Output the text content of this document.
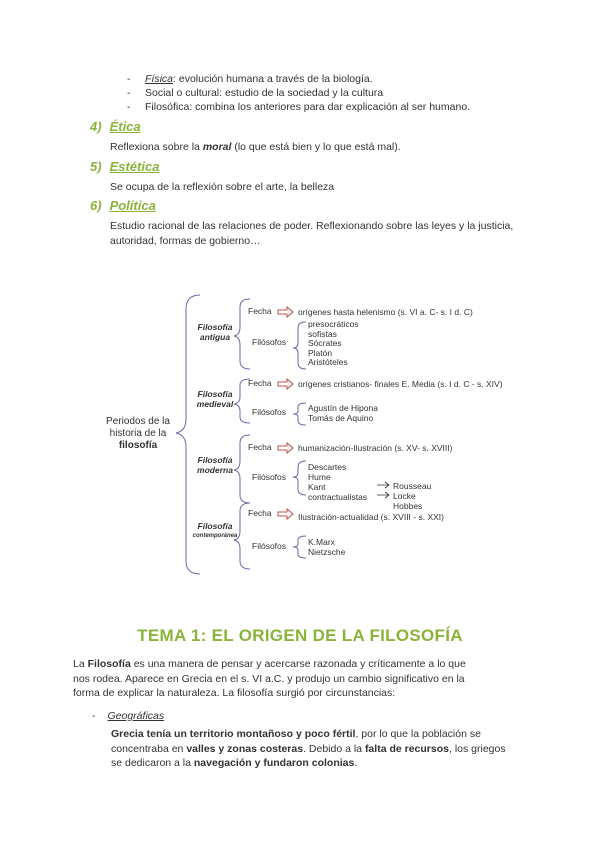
- Física: evolución humana a través de la biología.
- Social o cultural: estudio de la sociedad y la cultura
- Filosófica: combina los anteriores para dar explicación al ser humano.
4) Ética
Reflexiona sobre la moral (lo que está bien y lo que está mal).
5) Estética
Se ocupa de la reflexión sobre el arte, la belleza
6) Política
Estudio racional de las relaciones de poder. Reflexionando sobre las leyes y la justicia, autoridad, formas de gobierno…
Periodos de la
historia de la
filosofía
Filosofía
antigua
Filosofía
medieval
Filosofía
moderna
Filosofía
contemporánea
Fecha	orígenes hasta helenismo (s. VI a. C- s. I d. C)
Filósofos
presocráticos
sofistas
Sócrates
Platón
Aristóteles
Fecha	orígenes cristianos- finales E. Media (s. I d. C - s. XIV)
Filósofos	Agustín de Hipona
Tomás de Aquino
Fecha	humanización-Ilustración (s. XV- s. XVIII)
Filósofos
Descartes
Hume
Kant
contractualistas
Rousseau
Locke
Hobbes
Fecha	Ilustración-actualidad (s. XVIII - s. XXI)
Filósofos	K.Marx
Nietzsche
TEMA 1: EL ORIGEN DE LA FILOSOFÍA
La Filosofía es una manera de pensar y acercarse razonada y críticamente a lo que
nos rodea. Aparece en Grecia en el s. VI a.C. y produjo un cambio significativo en la
forma de explicar la naturaleza. La filosofía surgió por circunstancias:
- Geográficas
Grecia tenía un territorio montañoso y poco fértil, por lo que la población se concentraba en valles y zonas costeras. Debido a la falta de recursos, los griegos se dedicaron a la navegación y fundaron colonias.
